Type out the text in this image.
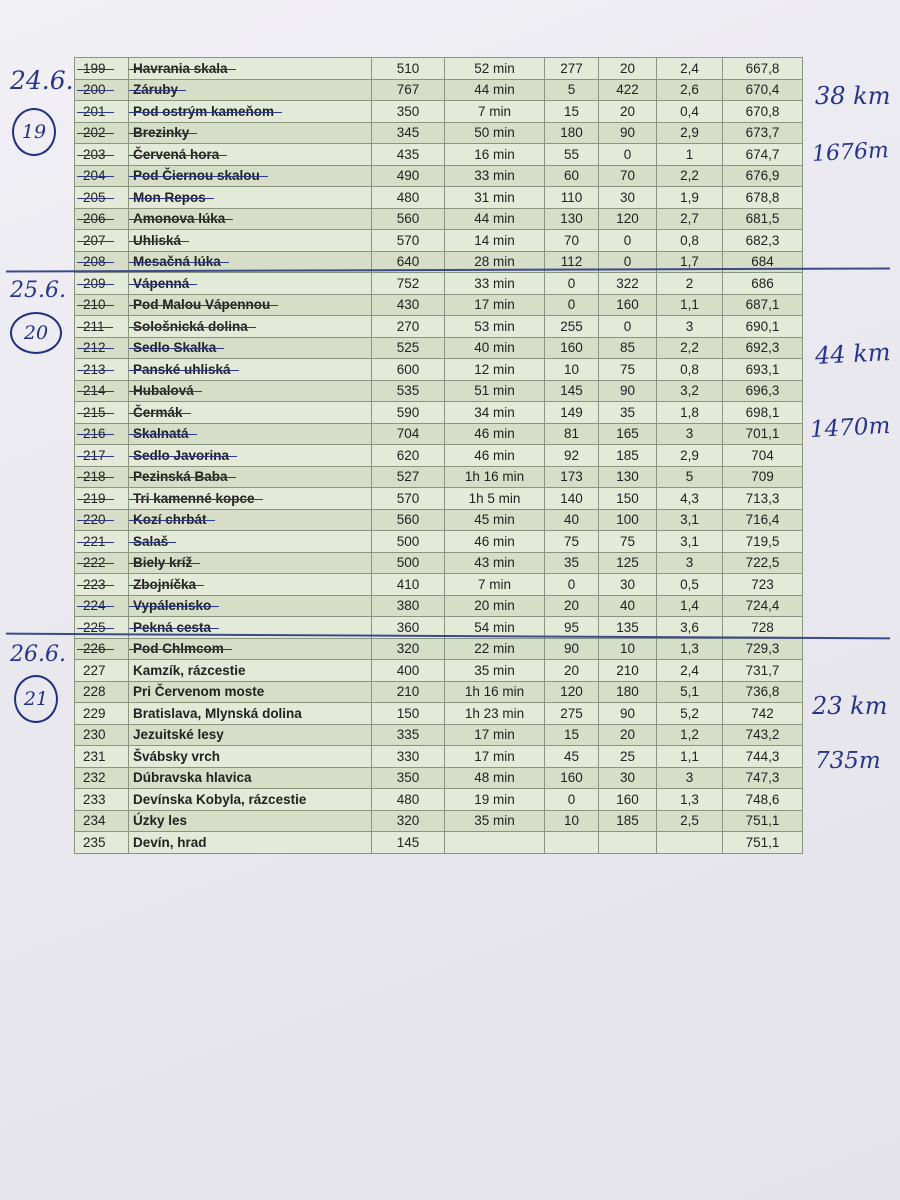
199	Havrania skala	510	52 min	277	20	2,4	667,8
200	Záruby	767	44 min	5	422	2,6	670,4
201	Pod ostrým kameňom	350	7 min	15	20	0,4	670,8
202	Brezinky	345	50 min	180	90	2,9	673,7
203	Červená hora	435	16 min	55	0	1	674,7
204	Pod Čiernou skalou	490	33 min	60	70	2,2	676,9
205	Mon Repos	480	31 min	110	30	1,9	678,8
206	Amonova lúka	560	44 min	130	120	2,7	681,5
207	Uhliská	570	14 min	70	0	0,8	682,3
208	Mesačná lúka	640	28 min	112	0	1,7	684
209	Vápenná	752	33 min	0	322	2	686
210	Pod Malou Vápennou	430	17 min	0	160	1,1	687,1
211	Sološnická dolina	270	53 min	255	0	3	690,1
212	Sedlo Skalka	525	40 min	160	85	2,2	692,3
213	Panské uhliská	600	12 min	10	75	0,8	693,1
214	Hubalová	535	51 min	145	90	3,2	696,3
215	Čermák	590	34 min	149	35	1,8	698,1
216	Skalnatá	704	46 min	81	165	3	701,1
217	Sedlo Javorina	620	46 min	92	185	2,9	704
218	Pezinská Baba	527	1h 16 min	173	130	5	709
219	Tri kamenné kopce	570	1h 5 min	140	150	4,3	713,3
220	Kozí chrbát	560	45 min	40	100	3,1	716,4
221	Salaš	500	46 min	75	75	3,1	719,5
222	Biely kríž	500	43 min	35	125	3	722,5
223	Zbojníčka	410	7 min	0	30	0,5	723
224	Vypálenisko	380	20 min	20	40	1,4	724,4
225	Pekná cesta	360	54 min	95	135	3,6	728
226	Pod Chlmcom	320	22 min	90	10	1,3	729,3
227	Kamzík, rázcestie	400	35 min	20	210	2,4	731,7
228	Pri Červenom moste	210	1h 16 min	120	180	5,1	736,8
229	Bratislava, Mlynská dolina	150	1h 23 min	275	90	5,2	742
230	Jezuitské lesy	335	17 min	15	20	1,2	743,2
231	Švábsky vrch	330	17 min	45	25	1,1	744,3
232	Dúbravska hlavica	350	48 min	160	30	3	747,3
233	Devínska Kobyla, rázcestie	480	19 min	0	160	1,3	748,6
234	Úzky les	320	35 min	10	185	2,5	751,1
235	Devín, hrad	145					751,1
24.6.
19
38 km
1676m
25.6.
20
44 km
1470m
26.6.
21	23 km
735m
